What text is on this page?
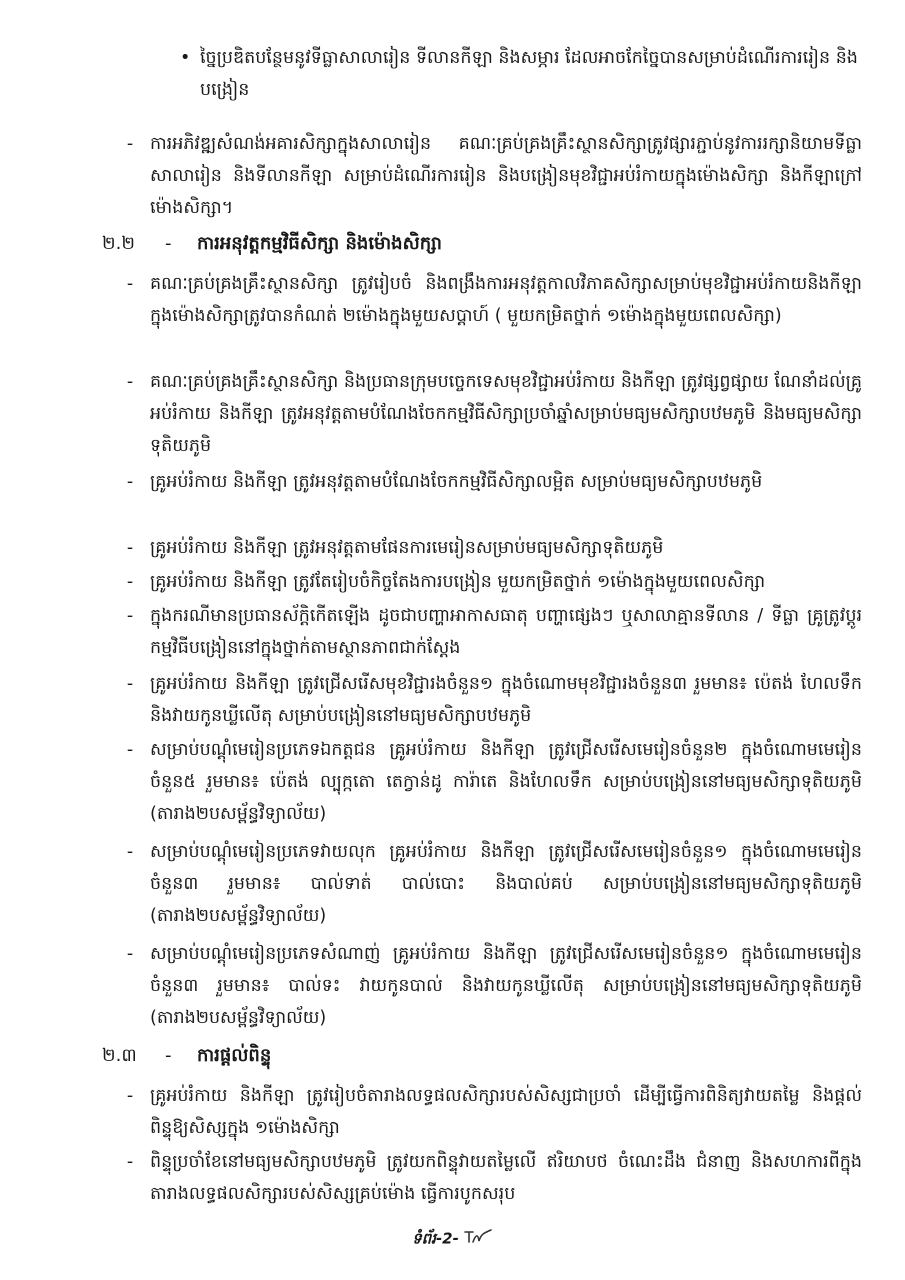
• ច្នៃប្រឌិតបន្ថែមនូវទីធ្លាសាលារៀន ទីលានកីឡា និងសម្ភារ ដែលអាចកែច្នៃបានសម្រាប់ដំណើរការរៀន និងបង្រៀន
- ការអភិវឌ្ឍសំណង់អគារសិក្សាក្នុងសាលារៀន គណៈគ្រប់គ្រងគ្រឹះស្ថានសិក្សាត្រូវផ្សារភ្ជាប់នូវការរក្សានិយាមទីធ្លាសាលារៀន និងទីលានកីឡា សម្រាប់ដំណើរការរៀន និងបង្រៀនមុខវិជ្ជាអប់រំកាយក្នុងម៉ោងសិក្សា និងកីឡាក្រៅម៉ោងសិក្សា។
២.២ - ការអនុវត្តកម្មវិធីសិក្សា និងម៉ោងសិក្សា
- គណៈគ្រប់គ្រងគ្រឹះស្ថានសិក្សា ត្រូវរៀបចំ និងពង្រឹងការអនុវត្តកាលវិភាគសិក្សាសម្រាប់មុខវិជ្ជាអប់រំកាយនិងកីឡាក្នុងម៉ោងសិក្សាត្រូវបានកំណត់ ២ម៉ោងក្នុងមួយសប្តាហ៍ ( មួយកម្រិតថ្នាក់ ១ម៉ោងក្នុងមួយពេលសិក្សា)
- គណៈគ្រប់គ្រងគ្រឹះស្ថានសិក្សា និងប្រធានក្រុមបច្ចេកទេសមុខវិជ្ជាអប់រំកាយ និងកីឡា ត្រូវផ្សព្វផ្សាយ ណែនាំដល់គ្រូអប់រំកាយ និងកីឡា ត្រូវអនុវត្តតាមបំណែងចែកកម្មវិធីសិក្សាប្រចាំឆ្នាំសម្រាប់មធ្យមសិក្សាបឋមភូមិ និងមធ្យមសិក្សាទុតិយភូមិ
- គ្រូអប់រំកាយ និងកីឡា ត្រូវអនុវត្តតាមបំណែងចែកកម្មវិធីសិក្សាលម្អិត សម្រាប់មធ្យមសិក្សាបឋមភូមិ
- គ្រូអប់រំកាយ និងកីឡា ត្រូវអនុវត្តតាមផែនការមេរៀនសម្រាប់មធ្យមសិក្សាទុតិយភូមិ
- គ្រូអប់រំកាយ និងកីឡា ត្រូវតែរៀបចំកិច្ចតែងការបង្រៀន មួយកម្រិតថ្នាក់ ១ម៉ោងក្នុងមួយពេលសិក្សា
- ក្នុងករណីមានប្រធានស័ក្តិកើតឡើង ដូចជាបញ្ហាអាកាសធាតុ បញ្ហាផ្សេងៗ ឬសាលាគ្មានទីលាន / ទីធ្លា គ្រូត្រូវប្តូរកម្មវិធីបង្រៀននៅក្នុងថ្នាក់តាមស្ថានភាពជាក់ស្តែង
- គ្រូអប់រំកាយ និងកីឡា ត្រូវជ្រើសរើសមុខវិជ្ជារងចំនួន១ ក្នុងចំណោមមុខវិជ្ជារងចំនួន៣ រួមមាន៖ ប៉េតង់ ហែលទឹក និងវាយកូនឃ្លីលើតុ សម្រាប់បង្រៀននៅមធ្យមសិក្សាបឋមភូមិ
- សម្រាប់បណ្តុំមេរៀនប្រភេទឯកត្តជន គ្រូអប់រំកាយ និងកីឡា ត្រូវជ្រើសរើសមេរៀនចំនួន២ ក្នុងចំណោមមេរៀនចំនួន៥ រួមមាន៖ ប៉េតង់ ល្បុក្កតោ តេក្វាន់ដូ ការ៉ាតេ និងហែលទឹក សម្រាប់បង្រៀននៅមធ្យមសិក្សាទុតិយភូមិ (តារាង២បសម្ព័ន្ធវិទ្យាល័យ)
- សម្រាប់បណ្តុំមេរៀនប្រភេទវាយលុក គ្រូអប់រំកាយ និងកីឡា ត្រូវជ្រើសរើសមេរៀនចំនួន១ ក្នុងចំណោមមេរៀនចំនួន៣ រួមមាន៖ បាល់ទាត់ បាល់បោះ និងបាល់គប់ សម្រាប់បង្រៀននៅមធ្យមសិក្សាទុតិយភូមិ (តារាង២បសម្ព័ន្ធវិទ្យាល័យ)
- សម្រាប់បណ្តុំមេរៀនប្រភេទសំណាញ់ គ្រូអប់រំកាយ និងកីឡា ត្រូវជ្រើសរើសមេរៀនចំនួន១ ក្នុងចំណោមមេរៀនចំនួន៣ រួមមាន៖ បាល់ទះ វាយកូនបាល់ និងវាយកូនឃ្លីលើតុ សម្រាប់បង្រៀននៅមធ្យមសិក្សាទុតិយភូមិ (តារាង២បសម្ព័ន្ធវិទ្យាល័យ)
២.៣ - ការផ្តល់ពិន្ទុ
- គ្រូអប់រំកាយ និងកីឡា ត្រូវរៀបចំតារាងលទ្ធផលសិក្សារបស់សិស្សជាប្រចាំ ដើម្បីធ្វើការពិនិត្យវាយតម្លៃ និងផ្តល់ពិន្ទុឱ្យសិស្សក្នុង ១ម៉ោងសិក្សា
- ពិន្ទុប្រចាំខែនៅមធ្យមសិក្សាបឋមភូមិ ត្រូវយកពិន្ទុវាយតម្លៃលើ ឥរិយាបថ ចំណេះដឹង ជំនាញ និងសហការពីក្នុងតារាងលទ្ធផលសិក្សារបស់សិស្សគ្រប់ម៉ោង ធ្វើការបូកសរុប
ទំព័រ-2-
